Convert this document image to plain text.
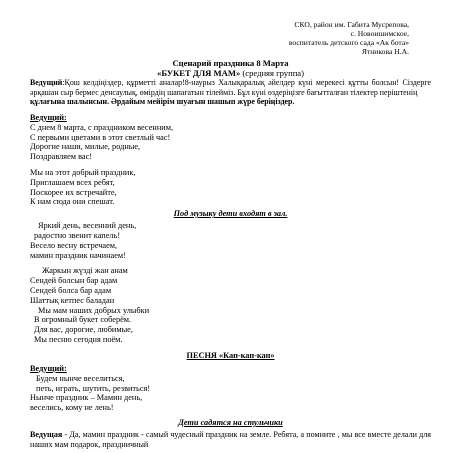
СКО, район им. Габита Мусрепова,
с. Новоишимское,
воспитатель детского сада «Ак бота»
Ятникова Н.А.
Сценарий праздника 8 Марта
«БУКЕТ ДЛЯ МАМ» (средняя группа)
Ведущий:Қош келдіңіздер, құрметті аналар!8-наурыз Халықаралық әйелдер күні мерекесі құтты болсын! Сіздерге әрқашан сыр бермес денсаулық, өмірдің шапағатын тілейміз. Бұл күні өздеріңізге бағытталған тілектер періштенің
құлағына шалынсын. Әрдайым мейірім шуағын шашып жүре беріңіздер.
Ведущий:
С днем 8 марта, с праздником весенним,
С первыми цветами в этот светлый час!
Дорогие наши, милые, родные,
Поздравляем вас!
Мы на этот добрый праздник,
Приглашаем всех ребят,
Поскорее их встречайте,
К нам сюда они спешат.
Под музыку дети входят в зал.
Яркий день, весенний день,
радостно звенит капель!
Весело весну встречаем,
мамин праздник начинаем!
Жаркын жүзді жан анам
Сендей болсын бар адам
Сендей болса бар адам
Шаттық кетпес баладан
Мы мам наших добрых улыбки
В огромный букет соберём.
Для вас, дорогие, любимые,
Мы песню сегодня поём.
ПЕСНЯ «Кап-кап-кап»
Ведущий:
Будем нынче веселиться,
петь, играть, шутить, резвиться!
Нынче праздник – Мамин день,
веселись, кому не лень!
Дети садятся на стульчики
Ведущая - Да, мамин праздник - самый чудесный праздник на земле. Ребята, а помните , мы все вместе делали для наших мам подарок, праздничный
